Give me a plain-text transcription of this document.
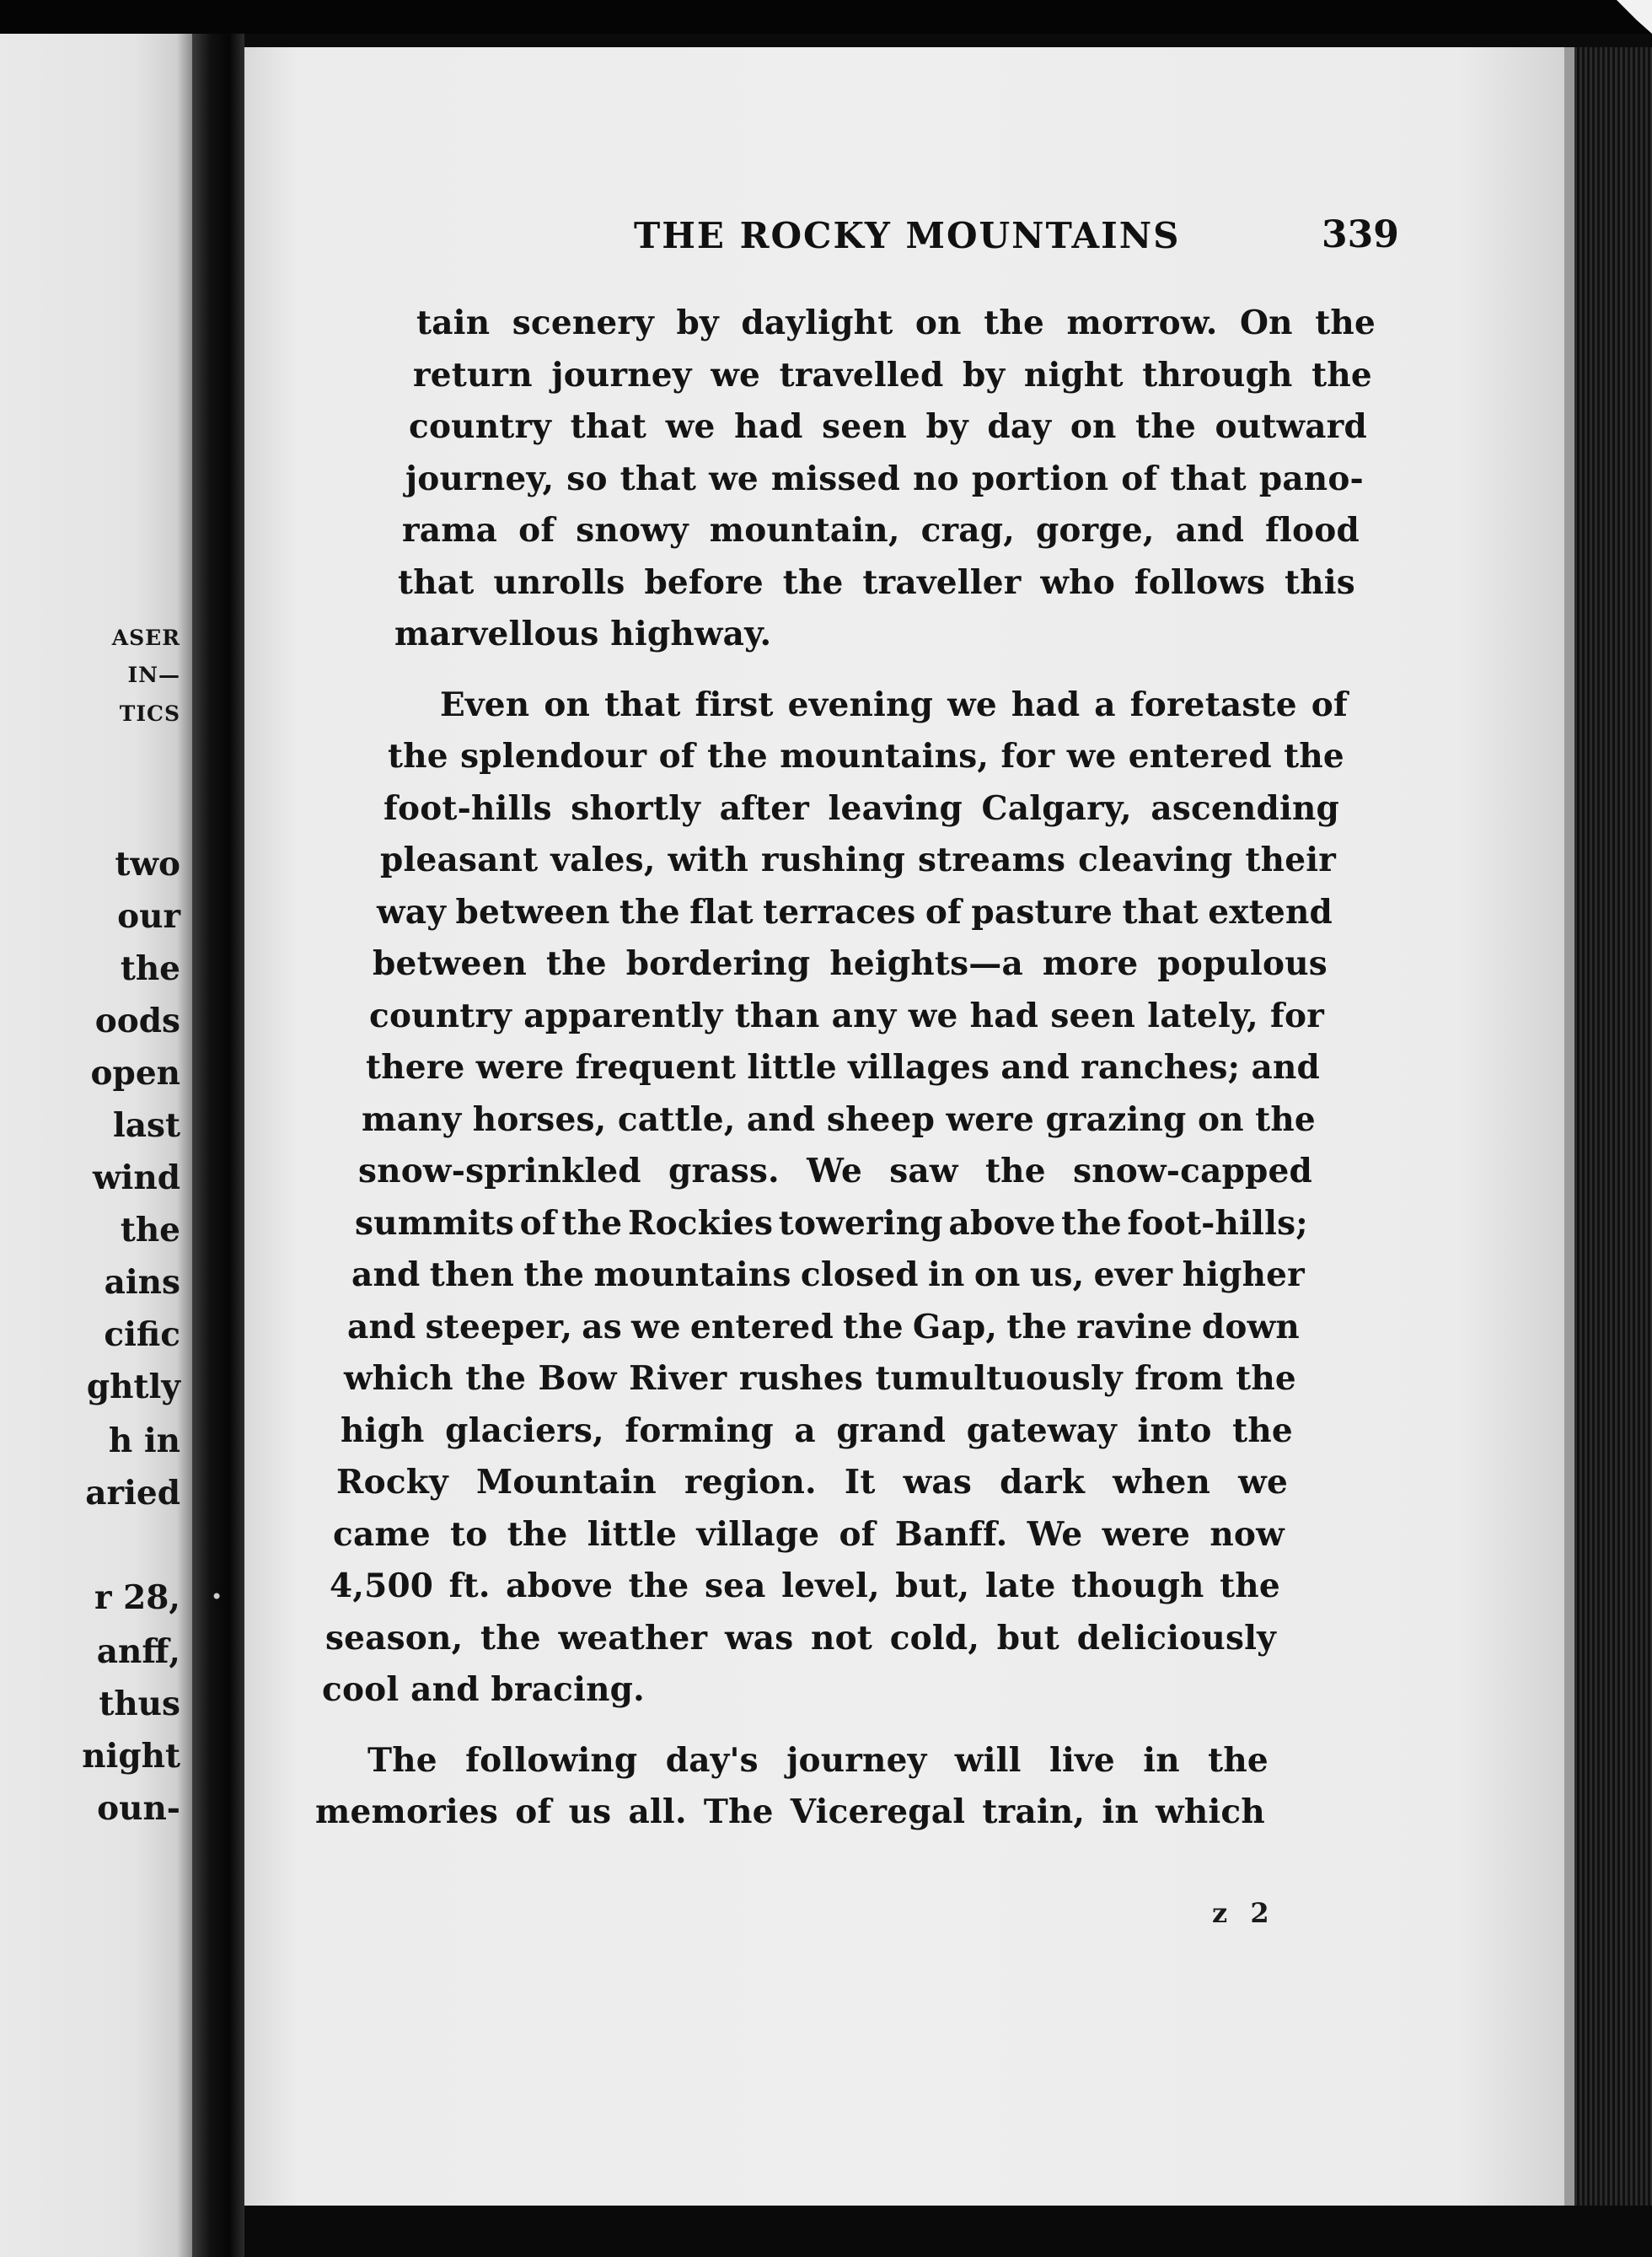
ASER
IN—
TICS
two
our
the
oods
open
last
wind
the
ains
cific
ghtly
h in
aried
r 28,
anff,
thus
night
oun-
•
THE ROCKY MOUNTAINS	339
tain scenery by daylight on the morrow. On the
return journey we travelled by night through the
country that we had seen by day on the outward
journey, so that we missed no portion of that pano-
rama of snowy mountain, crag, gorge, and flood
that unrolls before the traveller who follows this
marvellous highway.
Even on that first evening we had a foretaste of
the splendour of the mountains, for we entered the
foot-hills shortly after leaving Calgary, ascending
pleasant vales, with rushing streams cleaving their
way between the flat terraces of pasture that extend
between the bordering heights—a more populous
country apparently than any we had seen lately, for
there were frequent little villages and ranches; and
many horses, cattle, and sheep were grazing on the
snow-sprinkled grass. We saw the snow-capped
summits of the Rockies towering above the foot-hills;
and then the mountains closed in on us, ever higher
and steeper, as we entered the Gap, the ravine down
which the Bow River rushes tumultuously from the
high glaciers, forming a grand gateway into the
Rocky Mountain region. It was dark when we
came to the little village of Banff. We were now
4,500 ft. above the sea level, but, late though the
season, the weather was not cold, but deliciously
cool and bracing.
The following day's journey will live in the
memories of us all. The Viceregal train, in which
z 2
